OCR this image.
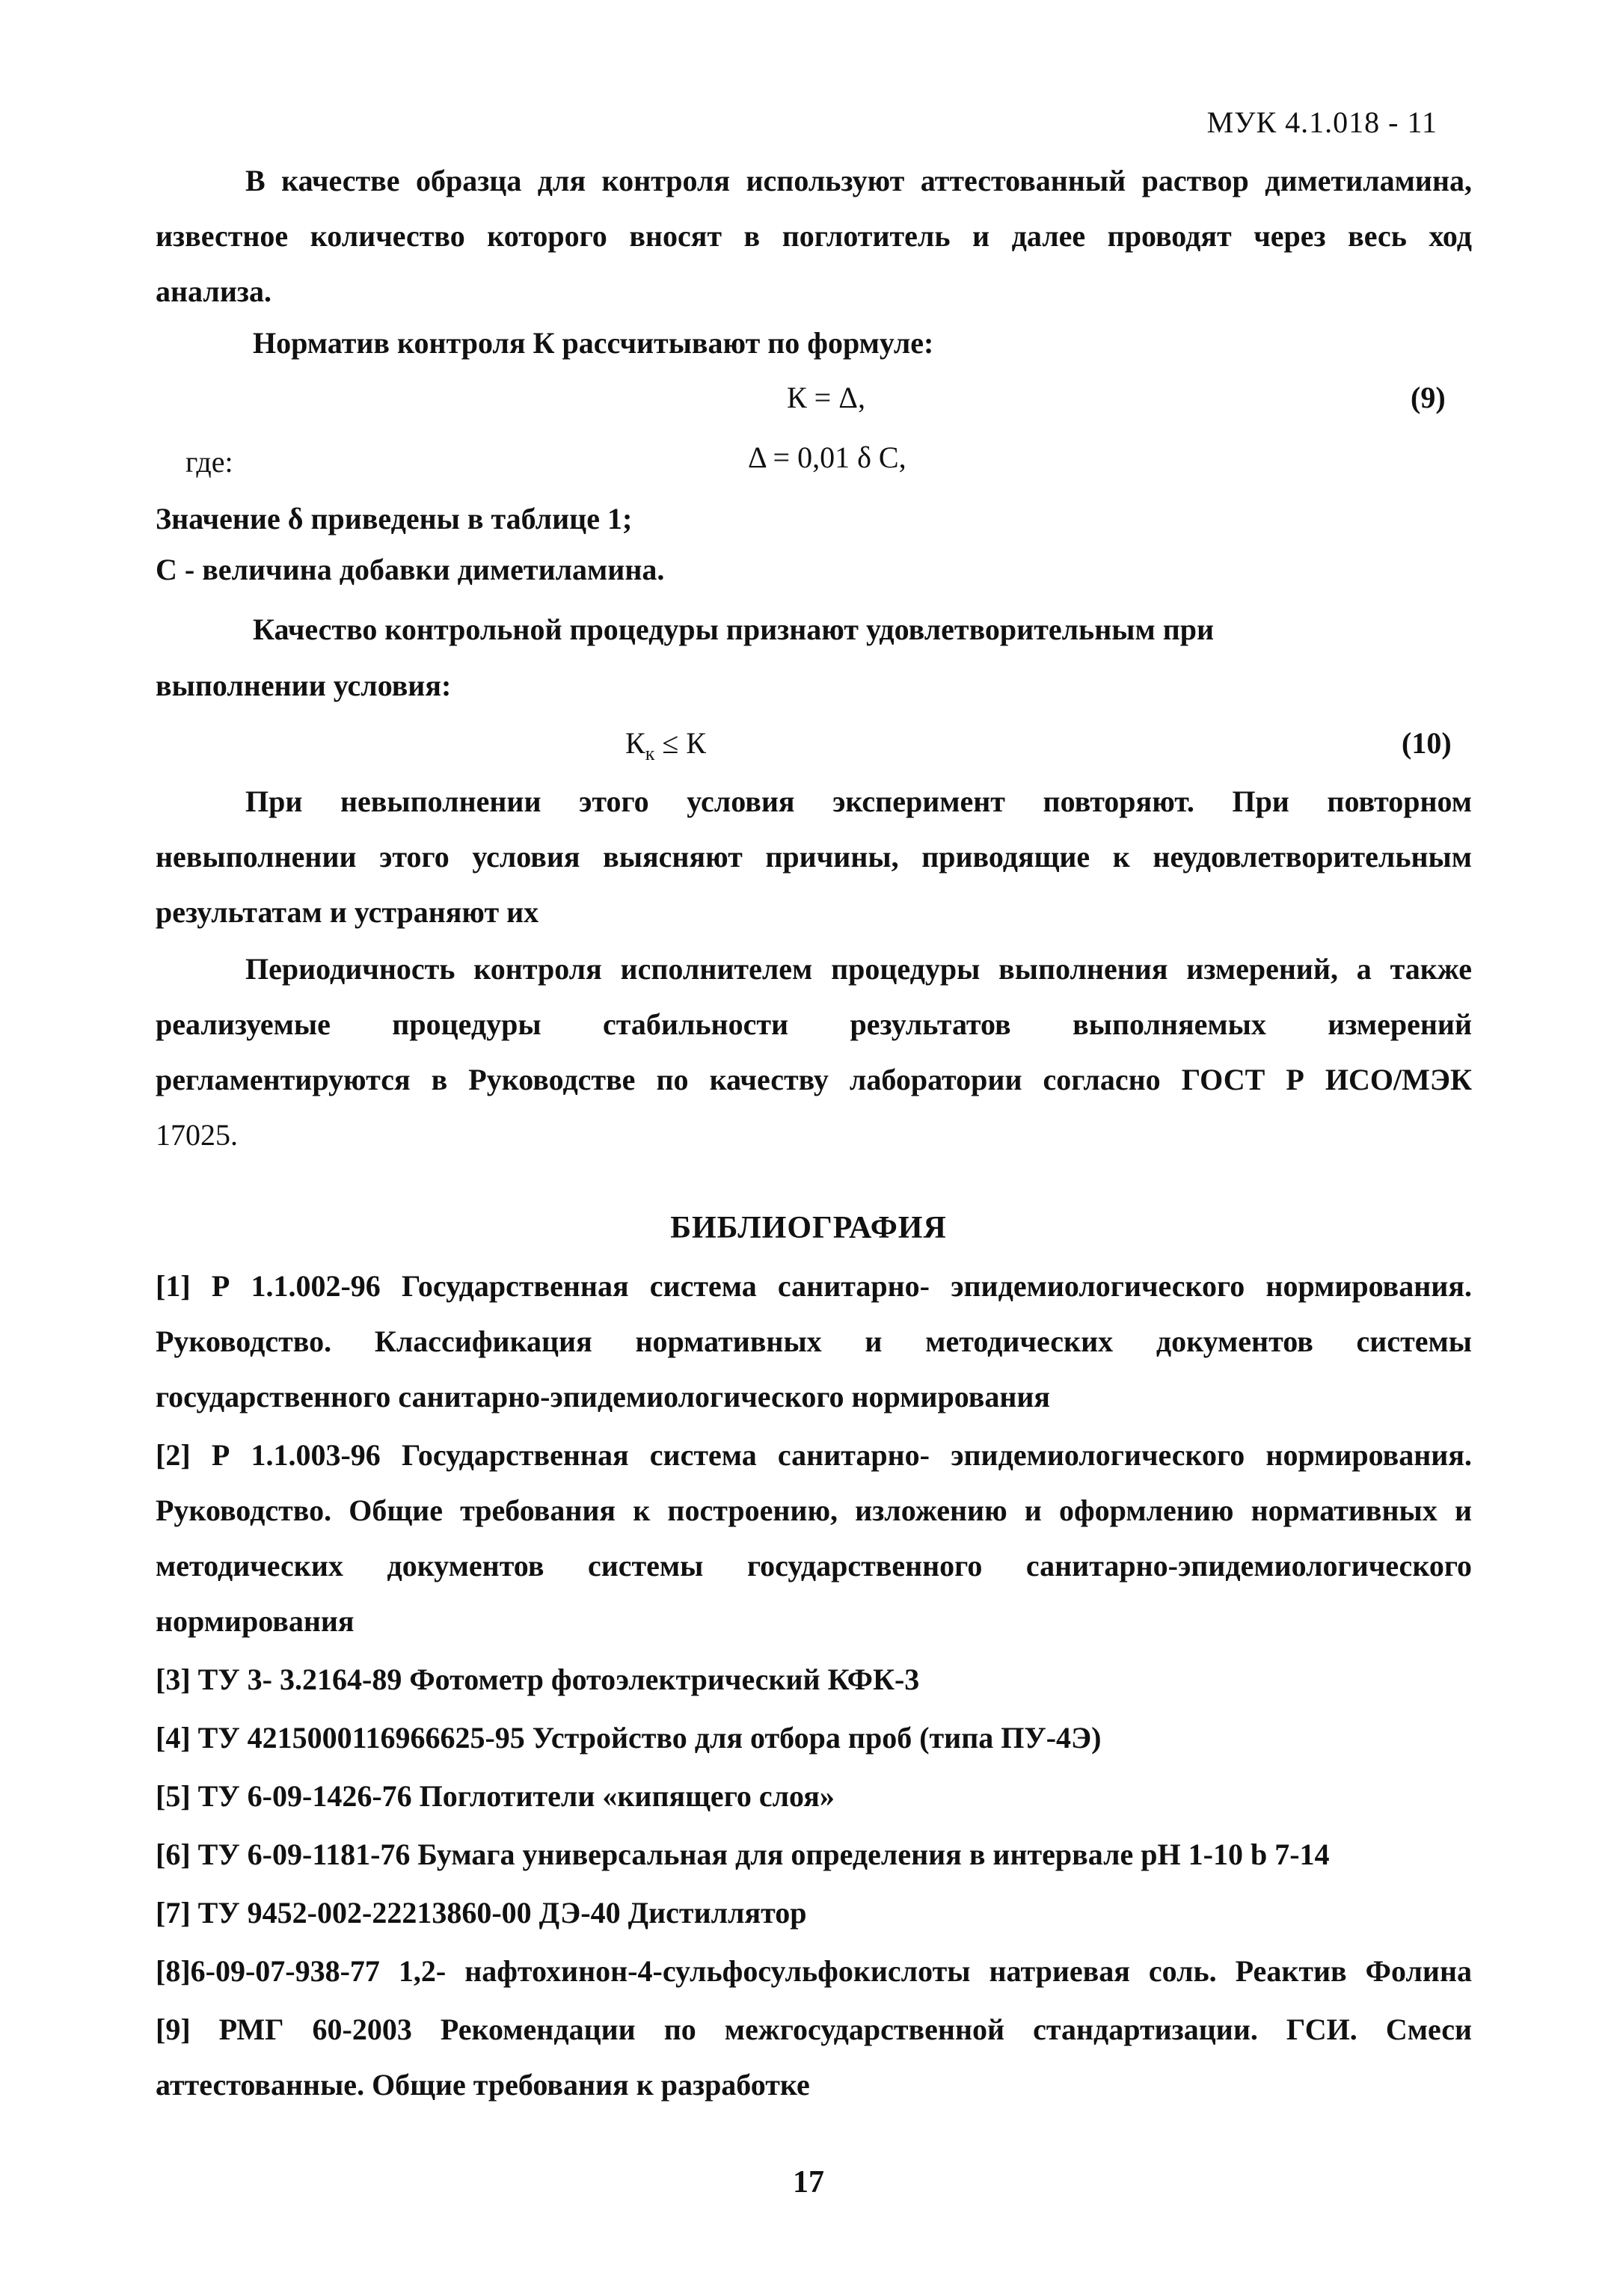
МУК 4.1.018 - 11
В качестве образца для контроля используют аттестованный раствор диметиламина,
известное количество которого вносят в поглотитель и далее проводят через весь ход
анализа.
Норматив контроля К рассчитывают по формуле:
К = Δ,	(9)
где:	Δ = 0,01 δ С,
Значение δ приведены в таблице 1;
С - величина добавки диметиламина.
Качество контрольной процедуры признают удовлетворительным при
выполнении условия:
$К_к \le К$	(10)
При невыполнении этого условия эксперимент повторяют. При повторном
невыполнении этого условия выясняют причины, приводящие к неудовлетворительным
результатам и устраняют их
Периодичность контроля исполнителем процедуры выполнения измерений, а также
реализуемые процедуры стабильности результатов выполняемых измерений
регламентируются в Руководстве по качеству лаборатории согласно ГОСТ Р ИСО/МЭК
17025.
БИБЛИОГРАФИЯ
[1] Р 1.1.002-96 Государственная система санитарно- эпидемиологического нормирования.
Руководство. Классификация нормативных и методических документов системы
государственного санитарно-эпидемиологического нормирования
[2] Р 1.1.003-96 Государственная система санитарно- эпидемиологического нормирования.
Руководство. Общие требования к построению, изложению и оформлению нормативных и
методических документов системы государственного санитарно-эпидемиологического
нормирования
[3] ТУ 3- 3.2164-89 Фотометр фотоэлектрический КФК-3
[4] ТУ 4215000116966625-95 Устройство для отбора проб (типа ПУ-4Э)
[5] ТУ 6-09-1426-76 Поглотители «кипящего слоя»
[6] ТУ 6-09-1181-76 Бумага универсальная для определения в интервале рН 1-10 b 7-14
[7] ТУ 9452-002-22213860-00 ДЭ-40 Дистиллятор
[8]6-09-07-938-77 1,2- нафтохинон-4-сульфосульфокислоты натриевая соль. Реактив Фолина
[9] РМГ 60-2003 Рекомендации по межгосударственной стандартизации. ГСИ. Смеси
аттестованные. Общие требования к разработке
17
